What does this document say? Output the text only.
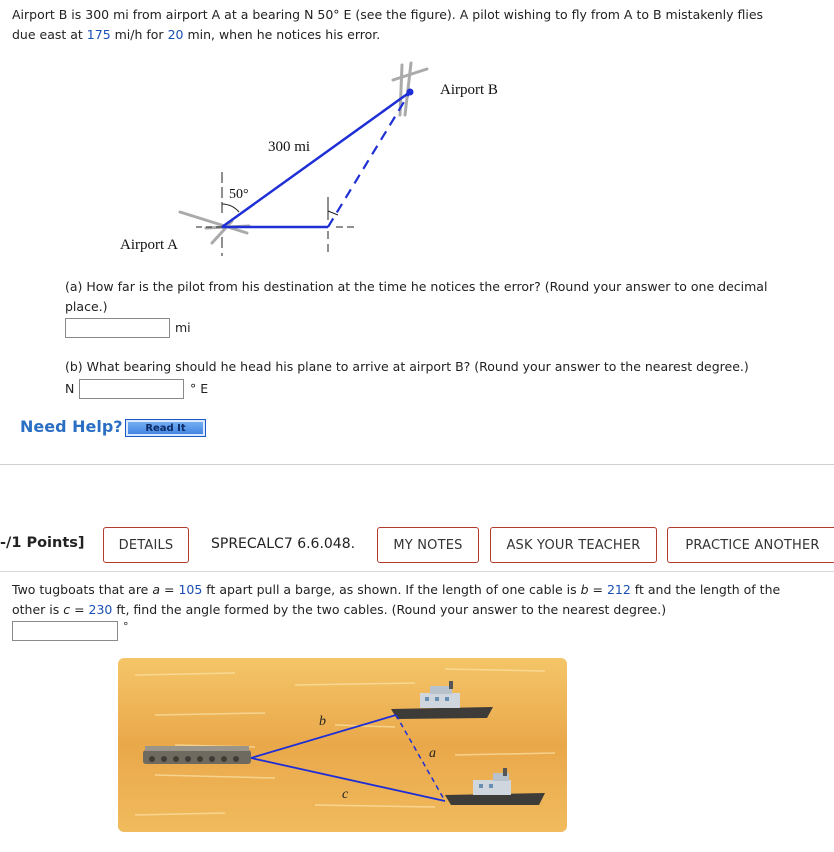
Airport B is 300 mi from airport A at a bearing N 50° E (see the figure). A pilot wishing to fly from A to B mistakenly flies
due east at 175 mi/h for 20 min, when he notices his error.
Airport B
300 mi
50°
Airport A
(a) How far is the pilot from his destination at the time he notices the error? (Round your answer to one decimal
place.)
mi
(b) What bearing should he head his plane to arrive at airport B? (Round your answer to the nearest degree.)
N	° E
Need Help?	Read It
-/1 Points]	DETAILS	SPRECALC7 6.6.048.	MY NOTES	ASK YOUR TEACHER	PRACTICE ANOTHER
Two tugboats that are a = 105 ft apart pull a barge, as shown. If the length of one cable is b = 212 ft and the length of the
other is c = 230 ft, find the angle formed by the two cables. (Round your answer to the nearest degree.)
°
b
a
c
